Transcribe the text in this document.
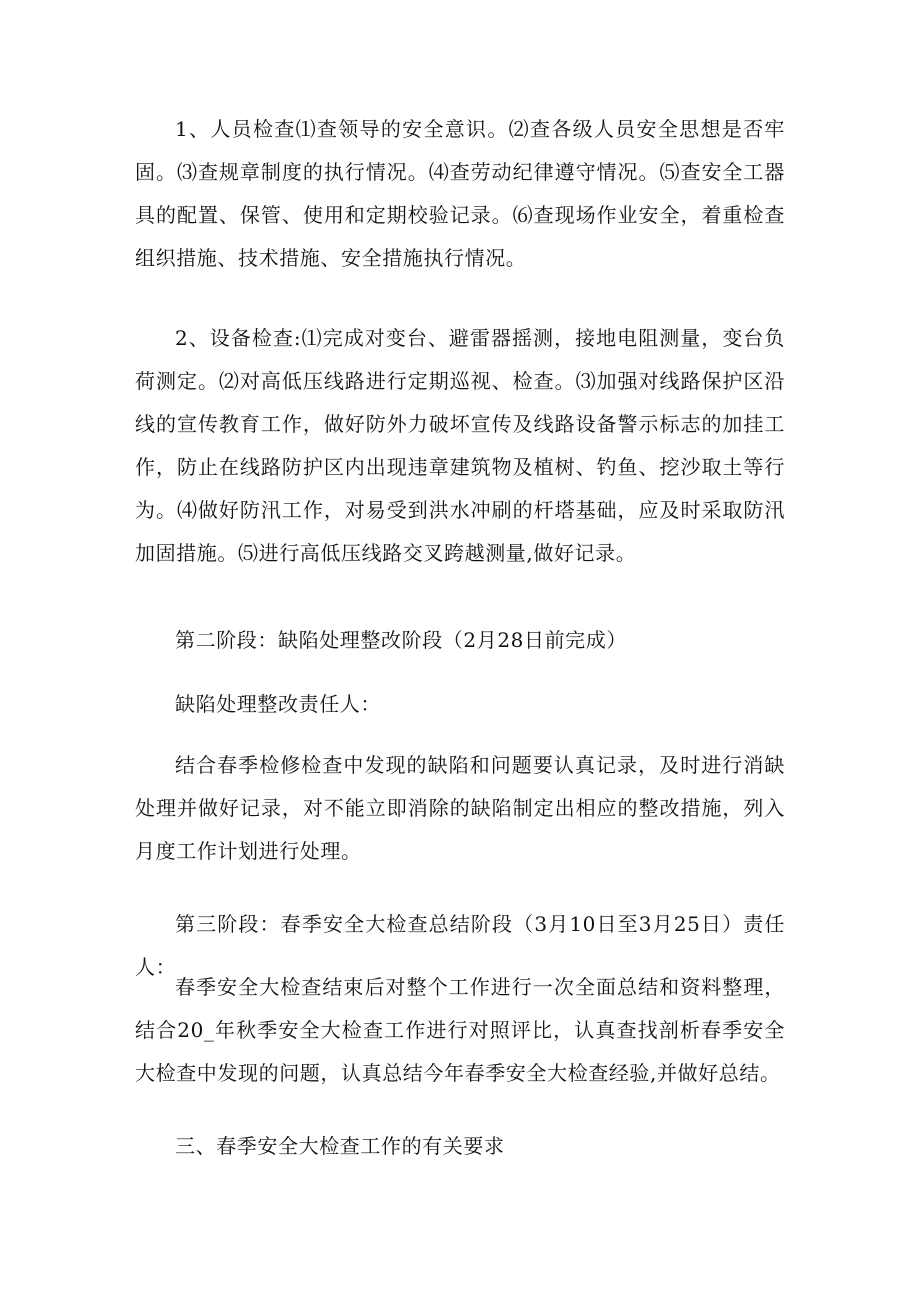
1、人员检查⑴查领导的安全意识。⑵查各级人员安全思想是否牢固。⑶查规章制度的执行情况。⑷查劳动纪律遵守情况。⑸查安全工器具的配置、保管、使用和定期校验记录。⑹查现场作业安全，着重检查组织措施、技术措施、安全措施执行情况。

2、设备检查:⑴完成对变台、避雷器摇测，接地电阻测量，变台负荷测定。⑵对高低压线路进行定期巡视、检查。⑶加强对线路保护区沿线的宣传教育工作，做好防外力破坏宣传及线路设备警示标志的加挂工作，防止在线路防护区内出现违章建筑物及植树、钓鱼、挖沙取土等行为。⑷做好防汛工作，对易受到洪水冲刷的杆塔基础，应及时采取防汛加固措施。⑸进行高低压线路交叉跨越测量,做好记录。

第二阶段：缺陷处理整改阶段（2月28日前完成）

缺陷处理整改责任人：

结合春季检修检查中发现的缺陷和问题要认真记录，及时进行消缺处理并做好记录，对不能立即消除的缺陷制定出相应的整改措施，列入月度工作计划进行处理。

第三阶段：春季安全大检查总结阶段（3月10日至3月25日）责任人：

春季安全大检查结束后对整个工作进行一次全面总结和资料整理，结合20_年秋季安全大检查工作进行对照评比，认真查找剖析春季安全大检查中发现的问题，认真总结今年春季安全大检查经验,并做好总结。

三、春季安全大检查工作的有关要求
